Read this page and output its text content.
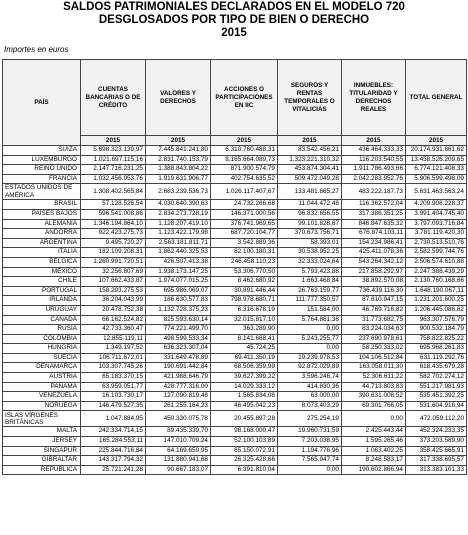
SALDOS PATRIMONIALES DECLARADOS EN EL MODELO 720
DESGLOSADOS POR TIPO DE BIEN O DERECHO
2015
Importes en euros
PAÍS	CUENTAS BANCARIAS O DE CRÉDITO	VALORES Y DERECHOS	ACCIONES O PARTICIPACIONES EN IIC	SEGUROS Y RENTAS TEMPORALES O VITALICIAS	INMUEBLES: TITULARIDAD Y DERECHOS REALES	TOTAL GENERAL
	2015	2015	2015	2015	2015	2015
SUIZA	5.698.323.139,97	7.445.841.241,80	6.310.760.488,31	83.542.456,21	436.464.333,33	20.174.931.661,62
LUXEMBURGO	1.021.697.115,16	2.831.740.153,79	8.165.664.089,73	1.323.221.310,32	116.203.540,55	13.458.526.209,65
REINO UNIDO	2.147.716.231,25	1.388.843.804,22	871.900.574,79	453.874.304,41	1.911.786.493,66	6.774.121.408,33
FRANCIA	1.032.456.953,76	1.919.631.906,77	402.754.635,52	509.472.049,28	2.042.283.952,76	5.906.599.498,09
ESTADOS UNIDOS DE AMÉRICA	1.308.402.565,84	2.683.239.536,73	1.026.117.407,67	133.481.865,27	483.222.187,73	5.631.463.563,24
BRASIL	57.128.526,54	4.030.640.390,63	24.732.266,68	11.044.472,48	116.362.572,04	4.209.908.228,37
PAÍSES BAJOS	596.541.008,86	2.834.273.728,19	146.371.000,56	96.832.656,55	317.386.351,25	3.991.404.745,40
ALEMANIA	1.346.194.864,10	1.128.207.419,10	376.741.969,65	99.101.828,67	846.847.635,32	3.797.093.716,84
ANDORRA	922.423.275,73	1.123.422.179,98	687.720.104,77	370.673.756,71	676.874.103,11	3.781.119.420,30
ARGENTINA	9.495.720,27	2.563.181.811,71	3.542.889,36	58.393,01	154.234.986,41	2.730.513.510,76
ITALIA	182.109.208,31	1.862.440.325,53	82.100.180,31	30.538.952,25	425.411.078,36	2.582.599.744,76
BÉLGICA	1.260.991.720,51	426.507.413,38	246.458.110,23	32.333.024,64	543.264.342,12	2.506.574.610,88
MÉXICO	32.256.807,69	1.938.173.147,25	53.306.770,50	5.793.423,88	217.858.292,97	2.247.388.439,29
CHILE	107.662.433,87	1.974.077.015,25	8.462.680,92	1.663.468,84	38.892.570,08	2.130.760.168,66
PORTUGAL	158.293.275,53	695.986.069,07	30.891.446,44	26.763.159,77	736.439.116,30	1.648.190.067,11
IRLANDA	36.204.043,99	186.630.577,83	798.978.680,71	111.777.350,57	87.610.947,15	1.231.201.600,25
URUGUAY	20.478.752,38	1.132.728.375,23	6.316.678,19	151.584,00	46.769.716,82	1.206.445.086,62
CANADÁ	66.162.524,82	825.593.630,14	32.015.817,10	5.764.861,38	31.773.682,75	963.307.576,79
RUSIA	42.733.360,47	774.221.499,70	363.289,90	0,00	83.224.034,63	900.532.184,79
COLOMBIA	12.855.119,11	498.599.533,34	8.141.668,41	5.243.255,77	237.690.978,61	758.822.825,22
HUNGRÍA	1.349.197,52	636.323.307,04	45.724,25	0,00	58.250.333,02	695.968.261,83
SUECIA	106.711.672,01	331.649.478,89	69.411.350,19	19.239.978,53	104.106.512,84	631.119.292,76
DENAMARCA	103.307.745,26	190.691.442,84	68.506.359,99	92.872.029,89	163.058.011,30	618.435.679,28
AUSTRIA	65.183.370,15	421.988.646,79	39.627.399,22	3.596.246,74	52.306.611,22	582.702.274,12
PANAMÁ	63.959.051,77	428.777.316,00	14.029.333,12	414.830,36	44.713.803,83	551.217.981,93
VENEZUELA	16.103.730,17	127.090.819,48	1.565.834,08	63.000,00	390.631.008,52	535.451.392,25
NORUEGA	146.479.527,35	261.255.164,23	46.495.042,23	8.073.403,29	69.301.766,05	531.604.916,94
ISLAS VÍRGENES BRITÁNICAS	1.047.884,95	450.330.075,78	20.455.897,28	275.254,19	0,00	472.059.112,20
MALTA	242.334.714,15	89.435.339,70	98.168.000,47	19.960.731,59	2.425.443,44	452.324.233,35
JERSEY	165.284.553,11	147.010.709,24	52.100.103,89	7.203.038,95	1.595.265,46	373.203.589,90
SINGAPUR	225.844.716,84	64.169.659,95	65.150.072,91	1.194.776,96	1.063.402,25	358.425.665,91
GIBRALTAR	143.317.794,32	131.880.941,68	26.325.428,66	7.565.947,74	8.248.583,17	317.338.695,57
REPUBLICA	25.721.241,28	90.667.183,07	6.391.810,04	0,00	190.602.866,94	313.383.101,33
